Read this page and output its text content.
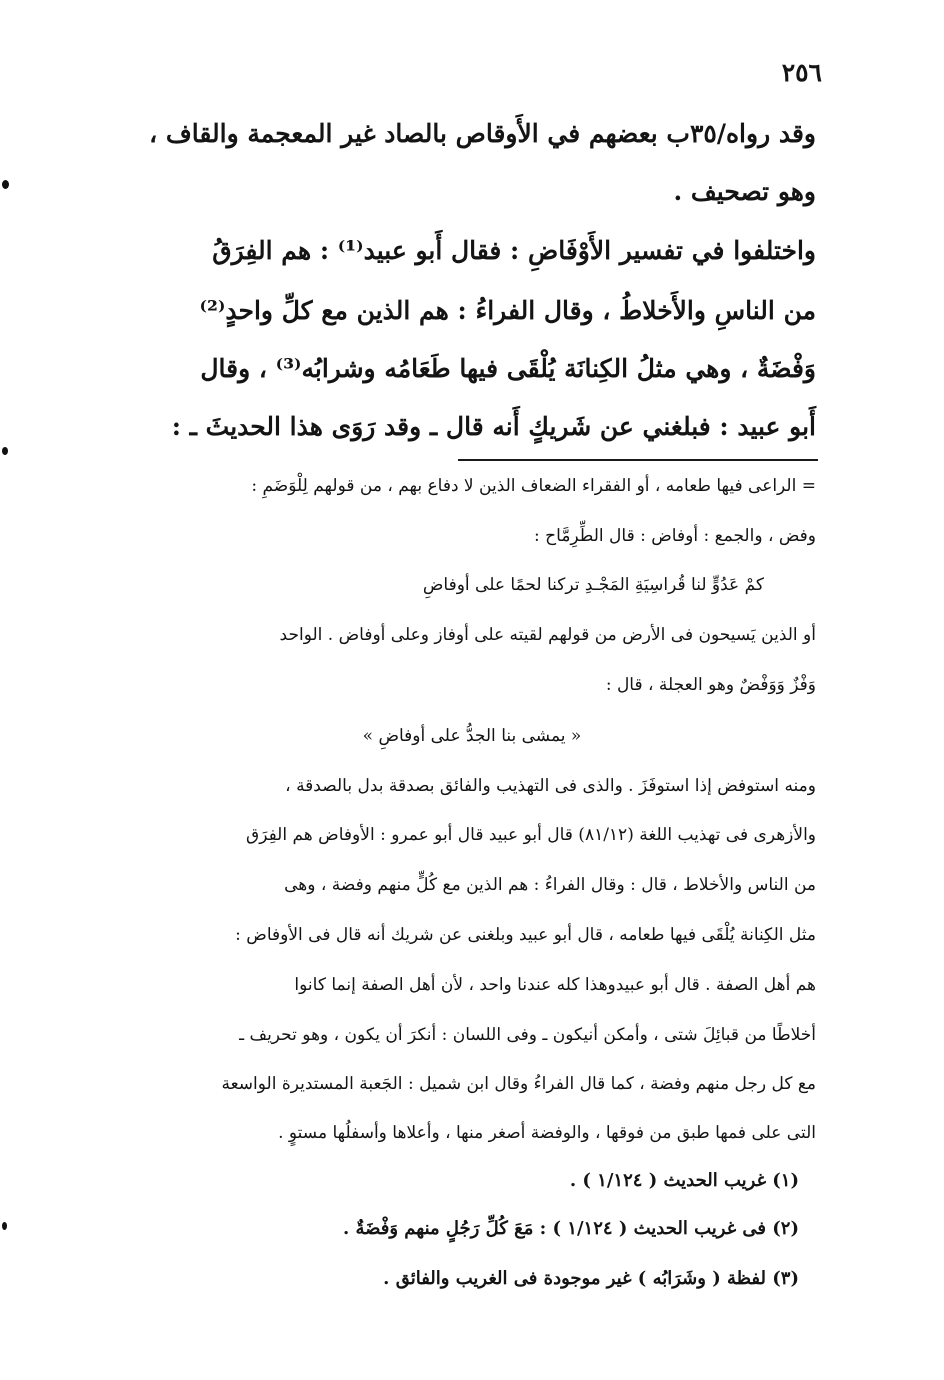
٢٥٦
وقد رواه/٣٥ب بعضهم في الأَوقاص بالصاد غير المعجمة والقاف ،
وهو تصحيف .
واختلفوا في تفسير الأَوْفَاضِ : فقال أَبو عبيد⁽¹⁾ : هم الفِرَقُ
من الناسِ والأَخلاطُ ، وقال الفراءُ : هم الذين مع كلِّ واحدٍ⁽²⁾
وَفْضَةٌ ، وهي مثلُ الكِنانَة يُلْقَى فيها طَعَامُه وشرابُه⁽³⁾ ، وقال
أَبو عبيد : فبلغني عن شَريكٍ أَنه قال ـ وقد رَوَى هذا الحديثَ ـ :
= الراعى فيها طعامه ، أو الفقراء الضعاف الذين لا دفاع بهم ، من قولهم لِلْوَضَمِ :
وفض ، والجمع : أوفاض : قال الطِّرِمَّاح :
كمْ عَدُوٍّ لنا قُراسِيَةِ المَجْـدِ تركنا لحمًا على أوفاضِ
أو الذين يَسيحون فى الأرض من قولهم لقيته على أوفاز وعلى أوفاض . الواحد
وَفْزٌ وَوَفْضٌ وهو العجلة ، قال :
« يمشى بنا الجدُّ على أوفاضِ »
ومنه استوفض إذا استوفَزَ . والذى فى التهذيب والفائق بصدقة بدل بالصدقة ،
والأزهرى فى تهذيب اللغة (٨١/١٢) قال أبو عبيد قال أبو عمرو : الأوفاض هم الفِرَق
من الناس والأخلاط ، قال : وقال الفراءُ : هم الذين مع كُلٍّ منهم وفضة ، وهى
مثل الكِنانة يُلْقَى فيها طعامه ، قال أبو عبيد وبلغنى عن شريك أنه قال فى الأوفاض :
هم أهل الصفة . قال أبو عبيدوهذا كله عندنا واحد ، لأن أهل الصفة إنما كانوا
أخلاطًا من قبائِلَ شتى ، وأمكن أنيكون ـ وفى اللسان : أنكرَ أن يكون ، وهو تحريف ـ
مع كل رجل منهم وفضة ، كما قال الفراءُ وقال ابن شميل : الجَعبة المستديرة الواسعة
التى على فمها طبق من فوقها ، والوفضة أصغر منها ، وأعلاها وأسفلُها مستوٍ .
(١) غريب الحديث ( ١/١٢٤ ) .
(٢) فى غريب الحديث ( ١/١٢٤ ) : مَعَ كُلِّ رَجُلٍ منهم وَفْضَةٌ .
(٣) لفظة ( وشَرَابُه ) غير موجودة فى الغريب والفائق .
